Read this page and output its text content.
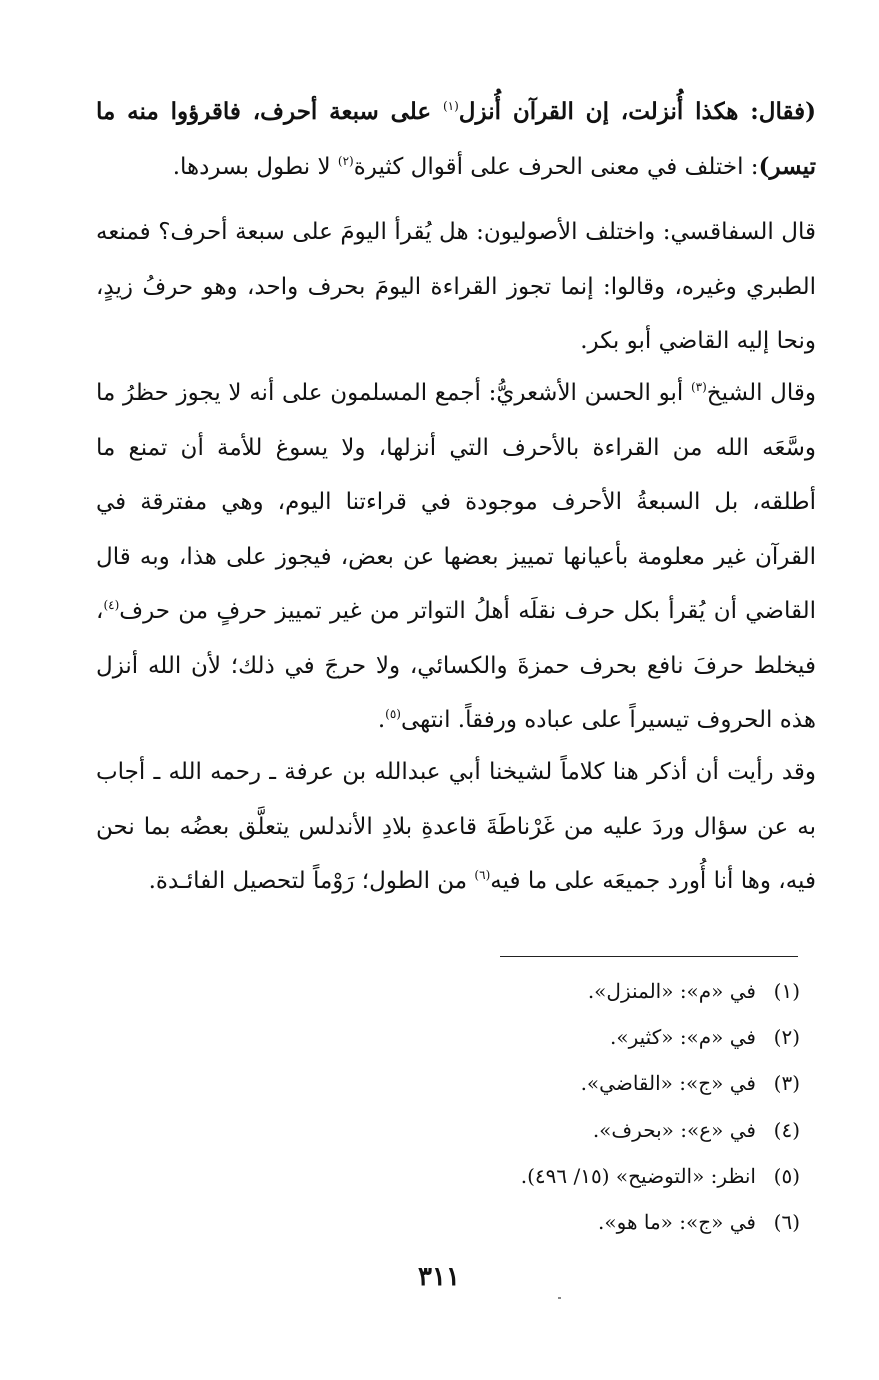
(فقال: هكذا أُنزلت، إن القرآن أُنزل$^{(١)}$ على سبعة أحرف، فاقرؤوا منه ما تيسر): اختلف في معنى الحرف على أقوال كثيرة$^{(٢)}$ لا نطول بسردها.

قال السفاقسي: واختلف الأصوليون: هل يُقرأ اليومَ على سبعة أحرف؟ فمنعه الطبري وغيره، وقالوا: إنما تجوز القراءة اليومَ بحرف واحد، وهو حرفُ زيدٍ، ونحا إليه القاضي أبو بكر.

وقال الشيخ$^{(٣)}$ أبو الحسن الأشعريُّ: أجمع المسلمون على أنه لا يجوز حظرُ ما وسَّعَه الله من القراءة بالأحرف التي أنزلها، ولا يسوغ للأمة أن تمنع ما أطلقه، بل السبعةُ الأحرف موجودة في قراءتنا اليوم، وهي مفترقة في القرآن غير معلومة بأعيانها تمييز بعضها عن بعض، فيجوز على هذا، وبه قال القاضي أن يُقرأ بكل حرف نقلَه أهلُ التواتر من غير تمييز حرفٍ من حرف$^{(٤)}$، فيخلط حرفَ نافع بحرف حمزةَ والكسائي، ولا حرجَ في ذلك؛ لأن الله أنزل هذه الحروف تيسيراً على عباده ورفقاً. انتهى$^{(٥)}$.

وقد رأيت أن أذكر هنا كلاماً لشيخنا أبي عبدالله بن عرفة ـ رحمه الله ـ أجاب به عن سؤال وردَ عليه من غَرْناطَةَ قاعدةِ بلادِ الأندلس يتعلَّق بعضُه بما نحن فيه، وها أنا أُورد جميعَه على ما فيه$^{(٦)}$ من الطول؛ رَوْماً لتحصيل الفائـدة.

(١)
في «م»: «المنزل».
(٢)
في «م»: «كثير».
(٣)
في «ج»: «القاضي».
(٤)
في «ع»: «بحرف».
(٥)
انظر: «التوضيح» (١٥/ ٤٩٦).
(٦)
في «ج»: «ما هو».
٣١١
